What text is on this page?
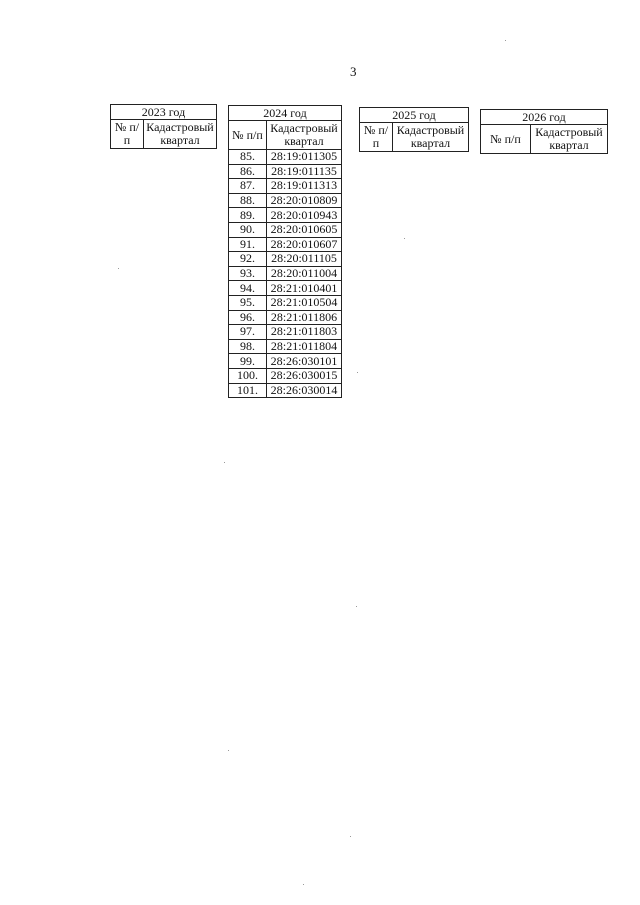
3
2023 год
№ п/п	Кадастровый квартал
2024 год	
№ п/п	Кадастровый квартал
85.	28:19:011305
86.	28:19:011135
87.	28:19:011313
88.	28:20:010809
89.	28:20:010943
90.	28:20:010605
91.	28:20:010607
92.	28:20:011105
93.	28:20:011004
94.	28:21:010401
95.	28:21:010504
96.	28:21:011806
97.	28:21:011803
98.	28:21:011804
99.	28:26:030101
100.	28:26:030015
101.	28:26:030014
2025 год
№ п/п	Кадастровый квартал
2026 год
№ п/п	Кадастровый квартал
